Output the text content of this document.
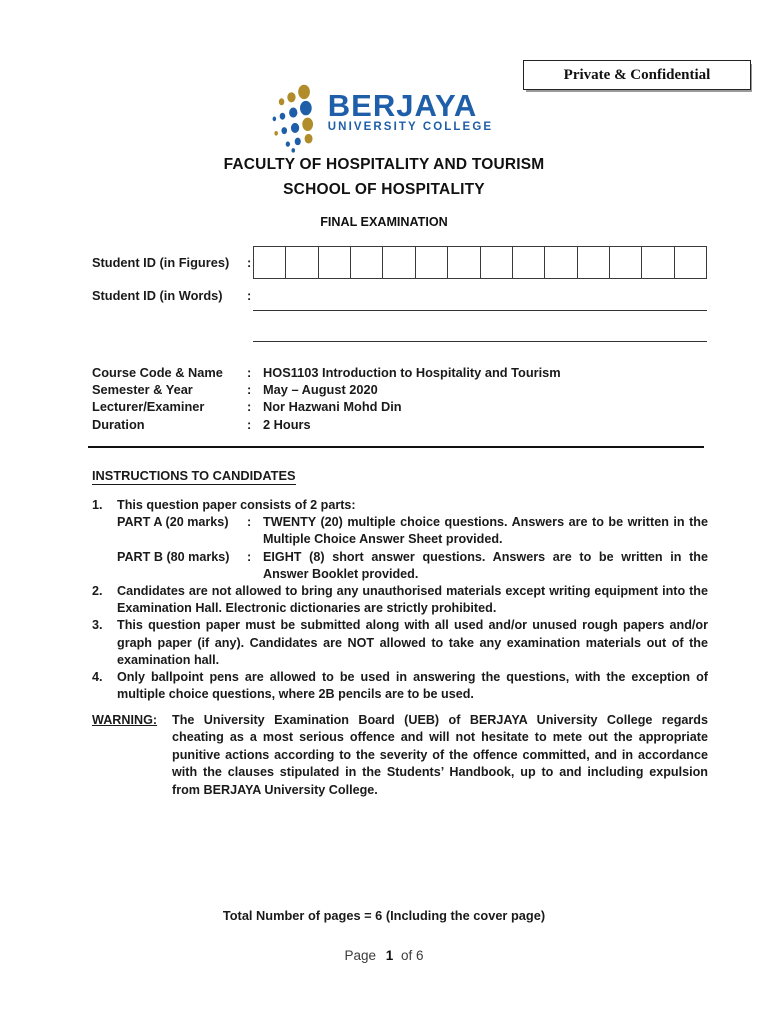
Private & Confidential
BERJAYA
UNIVERSITY COLLEGE
FACULTY OF HOSPITALITY AND TOURISM
SCHOOL OF HOSPITALITY
FINAL EXAMINATION
Student ID (in Figures) :
Student ID (in Words) :
Course Code & Name	: HOS1103 Introduction to Hospitality and Tourism
Semester & Year	: May – August 2020
Lecturer/Examiner	: Nor Hazwani Mohd Din
Duration	: 2 Hours
INSTRUCTIONS TO CANDIDATES
1.	This question paper consists of 2 parts:
PART A (20 marks)	: TWENTY (20) multiple choice questions. Answers are to be written in the Multiple Choice Answer Sheet provided.
PART B (80 marks)	: EIGHT (8) short answer questions. Answers are to be written in the Answer Booklet provided.
2.	Candidates are not allowed to bring any unauthorised materials except writing equipment into the Examination Hall. Electronic dictionaries are strictly prohibited.
3.	This question paper must be submitted along with all used and/or unused rough papers and/or graph paper (if any). Candidates are NOT allowed to take any examination materials out of the examination hall.
4.	Only ballpoint pens are allowed to be used in answering the questions, with the exception of multiple choice questions, where 2B pencils are to be used.
WARNING:	The University Examination Board (UEB) of BERJAYA University College regards cheating as a most serious offence and will not hesitate to mete out the appropriate punitive actions according to the severity of the offence committed, and in accordance with the clauses stipulated in the Students’ Handbook, up to and including expulsion from BERJAYA University College.
Total Number of pages = 6 (Including the cover page)
Page 1 of 6
